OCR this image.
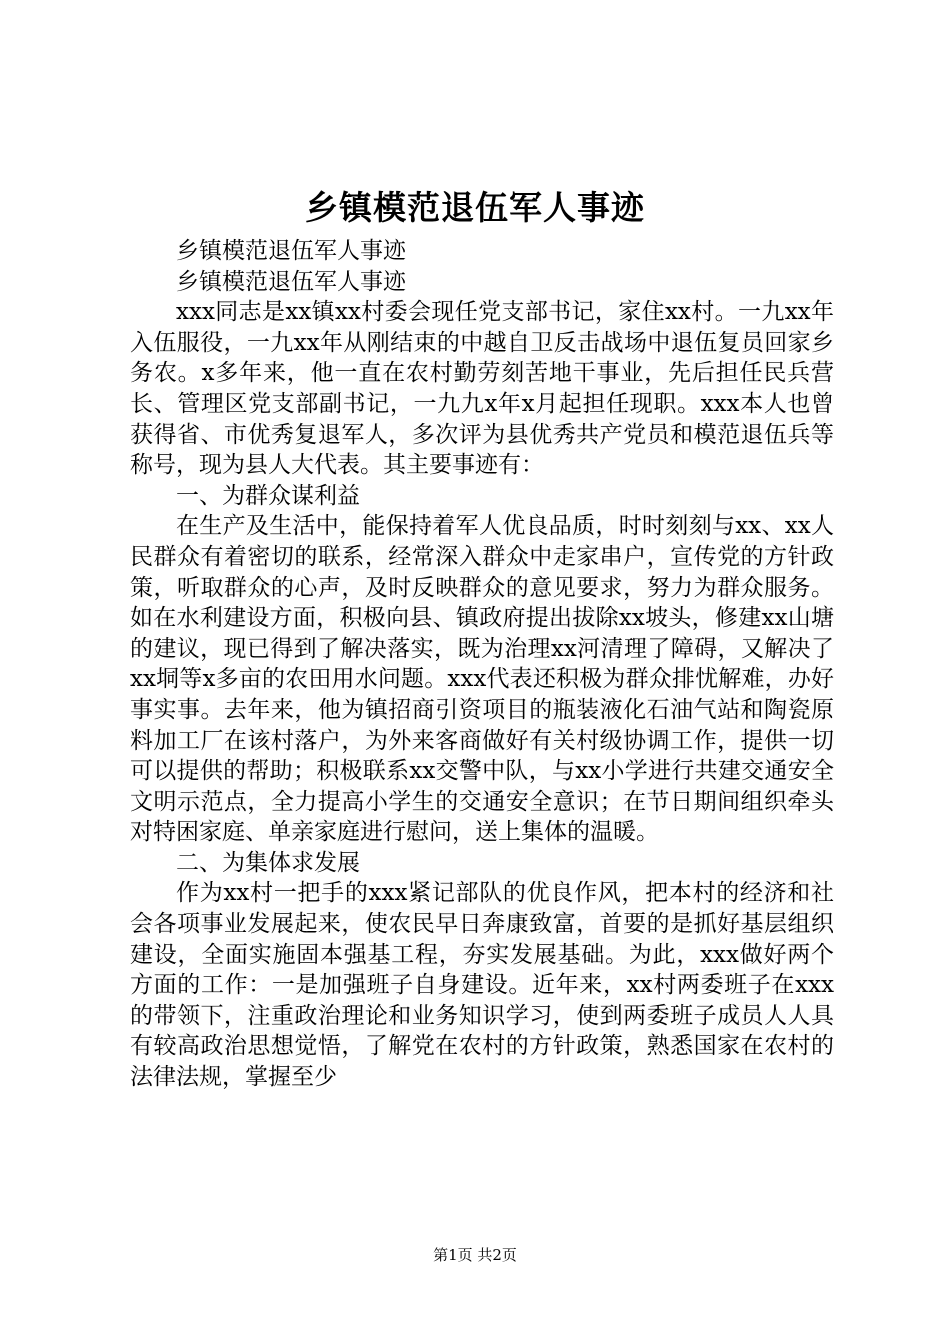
乡镇模范退伍军人事迹

乡镇模范退伍军人事迹

乡镇模范退伍军人事迹

xxx同志是xx镇xx村委会现任党支部书记，家住xx村。一九xx年入伍服役，一九xx年从刚结束的中越自卫反击战场中退伍复员回家乡务农。x多年来，他一直在农村勤劳刻苦地干事业，先后担任民兵营长、管理区党支部副书记，一九九x年x月起担任现职。xxx本人也曾获得省、市优秀复退军人，多次评为县优秀共产党员和模范退伍兵等称号，现为县人大代表。其主要事迹有：

一、为群众谋利益

在生产及生活中，能保持着军人优良品质，时时刻刻与xx、xx人民群众有着密切的联系，经常深入群众中走家串户，宣传党的方针政策，听取群众的心声，及时反映群众的意见要求，努力为群众服务。如在水利建设方面，积极向县、镇政府提出拔除xx坡头，修建xx山塘的建议，现已得到了解决落实，既为治理xx河清理了障碍，又解决了xx垌等x多亩的农田用水问题。xxx代表还积极为群众排忧解难，办好事实事。去年来，他为镇招商引资项目的瓶装液化石油气站和陶瓷原料加工厂在该村落户，为外来客商做好有关村级协调工作，提供一切可以提供的帮助；积极联系xx交警中队，与xx小学进行共建交通安全文明示范点，全力提高小学生的交通安全意识；在节日期间组织牵头对特困家庭、单亲家庭进行慰问，送上集体的温暖。

二、为集体求发展

作为xx村一把手的xxx紧记部队的优良作风，把本村的经济和社会各项事业发展起来，使农民早日奔康致富，首要的是抓好基层组织建设，全面实施固本强基工程，夯实发展基础。为此，xxx做好两个方面的工作：一是加强班子自身建设。近年来，xx村两委班子在xxx的带领下，注重政治理论和业务知识学习，使到两委班子成员人人具有较高政治思想觉悟，了解党在农村的方针政策，熟悉国家在农村的法律法规，掌握至少

第1页 共2页
